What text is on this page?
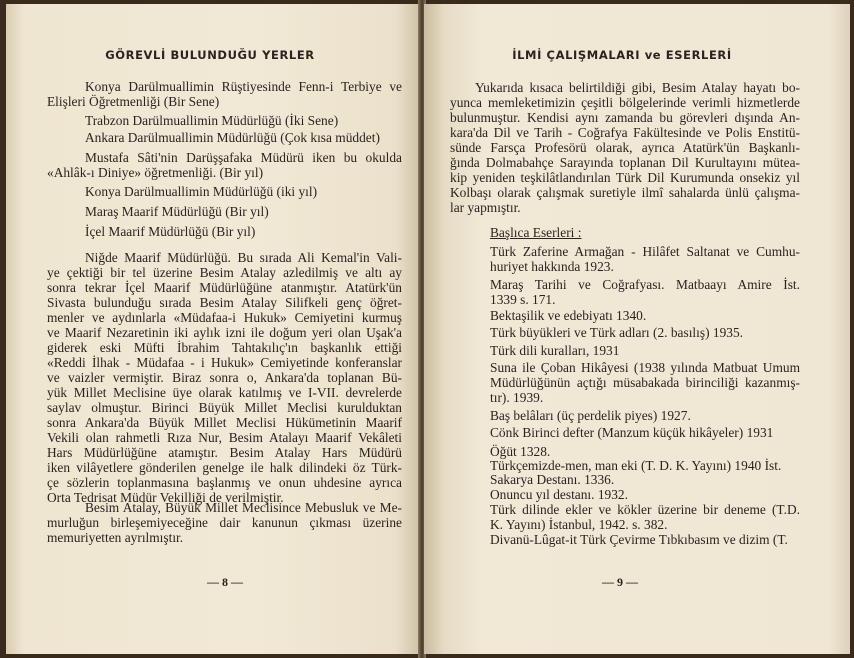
GÖREVLİ BULUNDUĞU YERLER	İLMİ ÇALIŞMALARI ve ESERLERİ
Başlıca Eserleri :
— 8 —	— 9 —
Konya Darülmuallimin Rüştiyesinde Fenn-i Terbiye ve
Elişleri Öğretmenliği (Bir Sene)
Trabzon Darülmuallimin Müdürlüğü (İki Sene)
Ankara Darülmuallimin Müdürlüğü (Çok kısa müddet)
Mustafa Sâti'nin Darüşşafaka Müdürü iken bu okulda
«Ahlâk-ı Diniye» öğretmenliği. (Bir yıl)
Konya Darülmuallimin Müdürlüğü (iki yıl)
Maraş Maarif Müdürlüğü (Bir yıl)
İçel Maarif Müdürlüğü (Bir yıl)
Niğde Maarif Müdürlüğü. Bu sırada Ali Kemal'in Vali-
ye çektiği bir tel üzerine Besim Atalay azledilmiş ve altı ay
sonra tekrar İçel Maarif Müdürlüğüne atanmıştır. Atatürk'ün
Sivasta bulunduğu sırada Besim Atalay Silifkeli genç öğret-
menler ve aydınlarla «Müdafaa-i Hukuk» Cemiyetini kurmuş
ve Maarif Nezaretinin iki aylık izni ile doğum yeri olan Uşak'a
giderek eski Müfti İbrahim Tahtakılıç'ın başkanlık ettiği
«Reddi İlhak - Müdafaa - i Hukuk» Cemiyetinde konferanslar
ve vaizler vermiştir. Biraz sonra o, Ankara'da toplanan Bü-
yük Millet Meclisine üye olarak katılmış ve I-VII. devrelerde
saylav olmuştur. Birinci Büyük Millet Meclisi kurulduktan
sonra Ankara'da Büyük Millet Meclisi Hükümetinin Maarif
Vekili olan rahmetli Rıza Nur, Besim Atalayı Maarif Vekâleti
Hars Müdürlüğüne atamıştır. Besim Atalay Hars Müdürü
iken vilâyetlere gönderilen genelge ile halk dilindeki öz Türk-
çe sözlerin toplanmasına başlanmış ve onun uhdesine ayrıca
Orta Tedrisat Müdür Vekilliği de verilmiştir.
Besim Atalay, Büyük Millet Meclisince Mebusluk ve Me-
murluğun birleşemiyeceğine dair kanunun çıkması üzerine
memuriyetten ayrılmıştır.
Yukarıda kısaca belirtildiği gibi, Besim Atalay hayatı bo-
yunca memleketimizin çeşitli bölgelerinde verimli hizmetlerde
bulunmuştur. Kendisi aynı zamanda bu görevleri dışında An-
kara'da Dil ve Tarih - Coğrafya Fakültesinde ve Polis Enstitü-
sünde Farsça Profesörü olarak, ayrıca Atatürk'ün Başkanlı-
ğında Dolmabahçe Sarayında toplanan Dil Kurultayını mütea-
kip yeniden teşkilâtlandırılan Türk Dil Kurumunda onsekiz yıl
Kolbaşı olarak çalışmak suretiyle ilmî sahalarda ünlü çalışma-
lar yapmıştır.
Türk Zaferine Armağan - Hilâfet Saltanat ve Cumhu-
huriyet hakkında 1923.
Maraş Tarihi ve Coğrafyası. Matbaayı Amire İst.
1339 s. 171.
Bektaşilik ve edebiyatı 1340.
Türk büyükleri ve Türk adları (2. basılış) 1935.
Türk dili kuralları, 1931
Suna ile Çoban Hikâyesi (1938 yılında Matbuat Umum
Müdürlüğünün açtığı müsabakada birinciliği kazanmış-
tır). 1939.
Baş belâları (üç perdelik piyes) 1927.
Cönk Birinci defter (Manzum küçük hikâyeler) 1931
Öğüt 1328.
Türkçemizde-men, man eki (T. D. K. Yayını) 1940 İst.
Sakarya Destanı. 1336.
Onuncu yıl destanı. 1932.
Türk dilinde ekler ve kökler üzerine bir deneme (T.D.
K. Yayını) İstanbul, 1942. s. 382.
Divanü-Lûgat-it Türk Çevirme Tıbkıbasım ve dizim (T.
